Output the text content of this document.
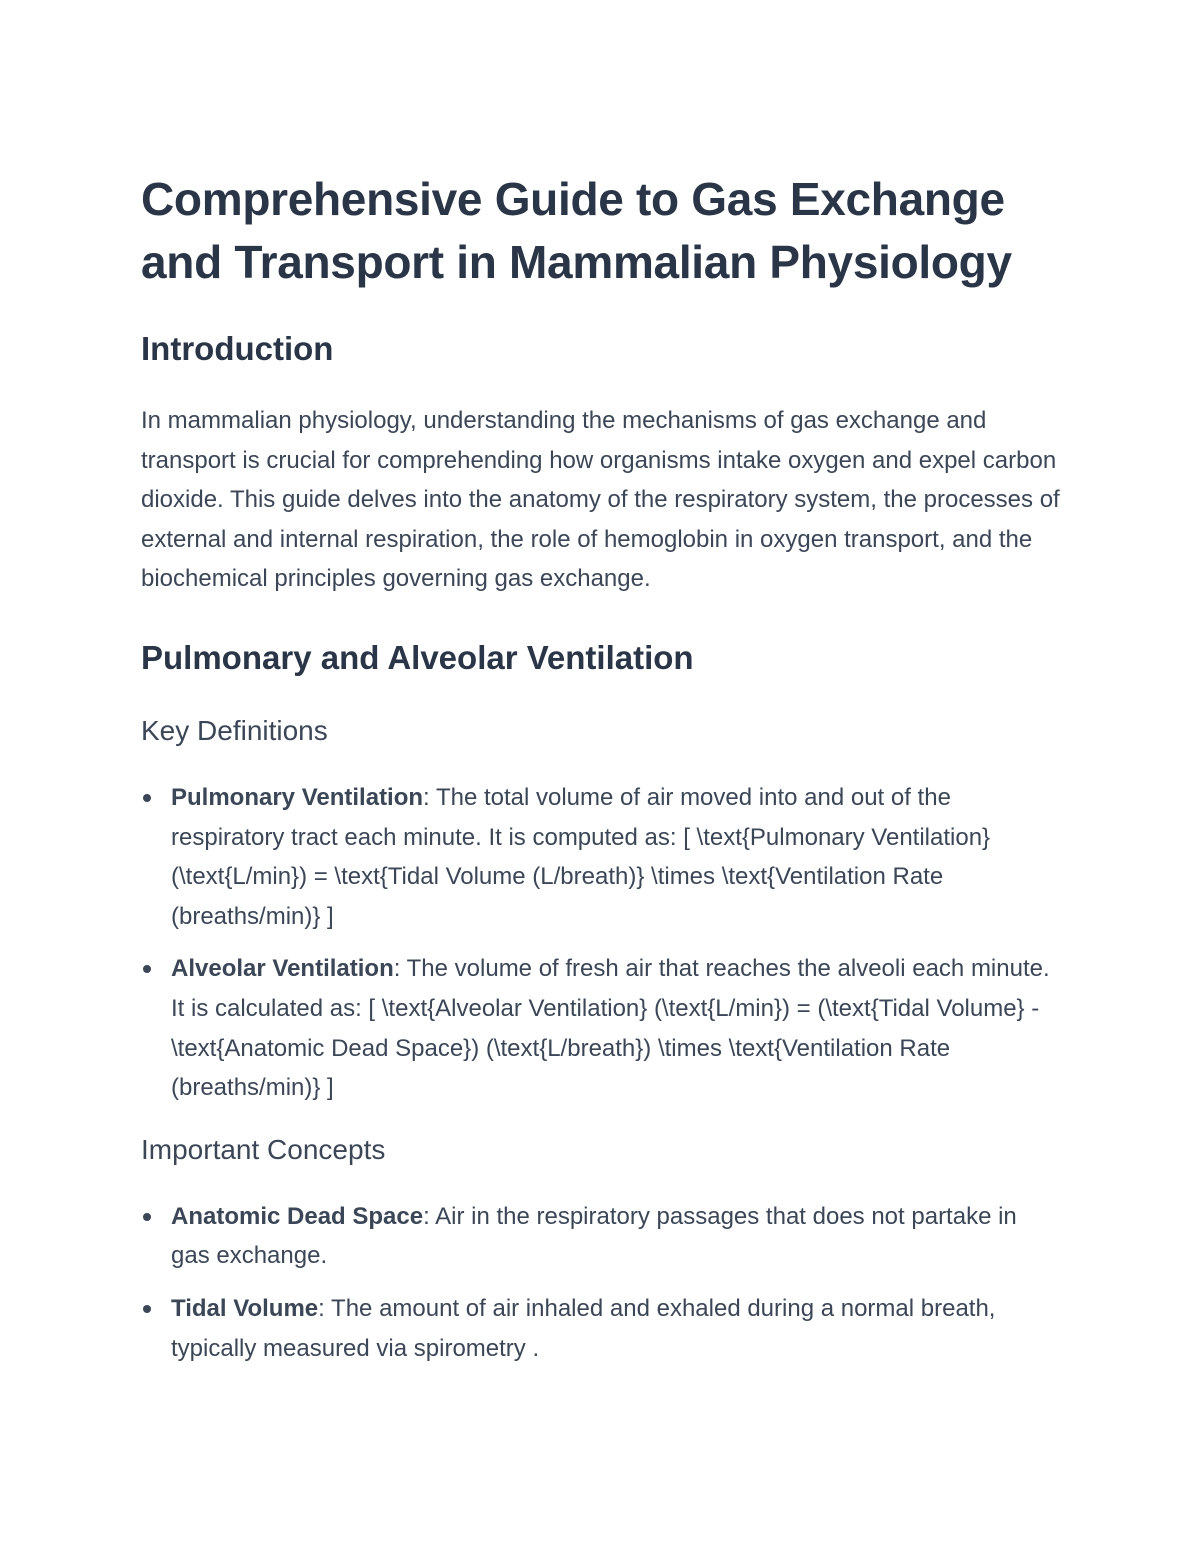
Comprehensive Guide to Gas Exchange
and Transport in Mammalian Physiology
Introduction

In mammalian physiology, understanding the mechanisms of gas exchange and transport is crucial for comprehending how organisms intake oxygen and expel carbon dioxide. This guide delves into the anatomy of the respiratory system, the processes of external and internal respiration, the role of hemoglobin in oxygen transport, and the biochemical principles governing gas exchange.

Pulmonary and Alveolar Ventilation
Key Definitions
Pulmonary Ventilation: The total volume of air moved into and out of the respiratory tract each minute. It is computed as: [ \text{Pulmonary Ventilation} (\text{L/min}) = \text{Tidal Volume (L/breath)} \times \text{Ventilation Rate (breaths/min)} ]
Alveolar Ventilation: The volume of fresh air that reaches the alveoli each minute. It is calculated as: [ \text{Alveolar Ventilation} (\text{L/min}) = (\text{Tidal Volume} - \text{Anatomic Dead Space}) (\text{L/breath}) \times \text{Ventilation Rate (breaths/min)} ]
Important Concepts
Anatomic Dead Space: Air in the respiratory passages that does not partake in gas exchange.
Tidal Volume: The amount of air inhaled and exhaled during a normal breath, typically measured via spirometry .
